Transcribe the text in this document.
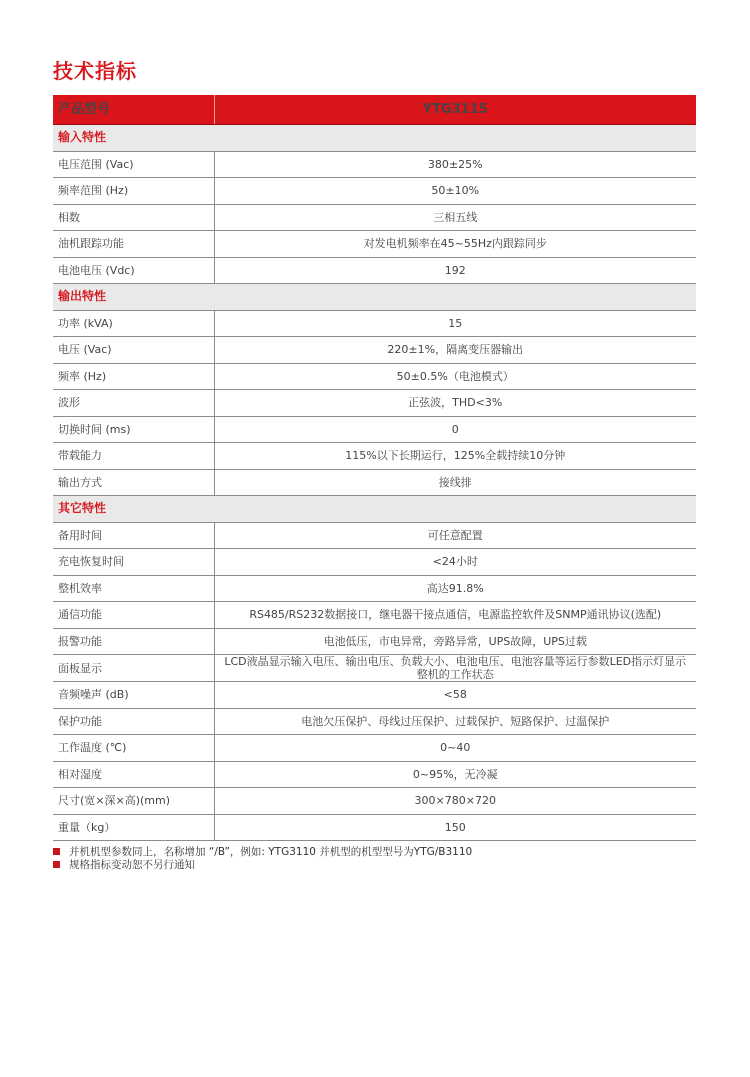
技术指标
产品型号	YTG3115
输入特性	
电压范围 (Vac)	380±25%
频率范围 (Hz)	50±10%
相数	三相五线
油机跟踪功能	对发电机频率在45~55Hz内跟踪同步
电池电压 (Vdc)	192
输出特性	
功率 (kVA)	15
电压 (Vac)	220±1%，隔离变压器输出
频率 (Hz)	50±0.5%（电池模式）
波形	正弦波，THD<3%
切换时间 (ms)	0
带载能力	115%以下长期运行，125%全载持续10分钟
输出方式	接线排
其它特性	
备用时间	可任意配置
充电恢复时间	<24小时
整机效率	高达91.8%
通信功能	RS485/RS232数据接口，继电器干接点通信，电源监控软件及SNMP通讯协议(选配)
报警功能	电池低压，市电异常，旁路异常，UPS故障，UPS过载
面板显示	LCD液晶显示输入电压、输出电压、负载大小、电池电压、电池容量等运行参数LED指示灯显示整机的工作状态
音频噪声 (dB)	<58
保护功能	电池欠压保护、母线过压保护、过载保护、短路保护、过温保护
工作温度 (℃)	0~40
相对湿度	0~95%，无冷凝
尺寸(宽×深×高)(mm)	300×780×720
重量（kg）	150
并机机型参数同上，名称增加 “/B”，例如: YTG3110 并机型的机型型号为YTG/B3110
规格指标变动恕不另行通知
